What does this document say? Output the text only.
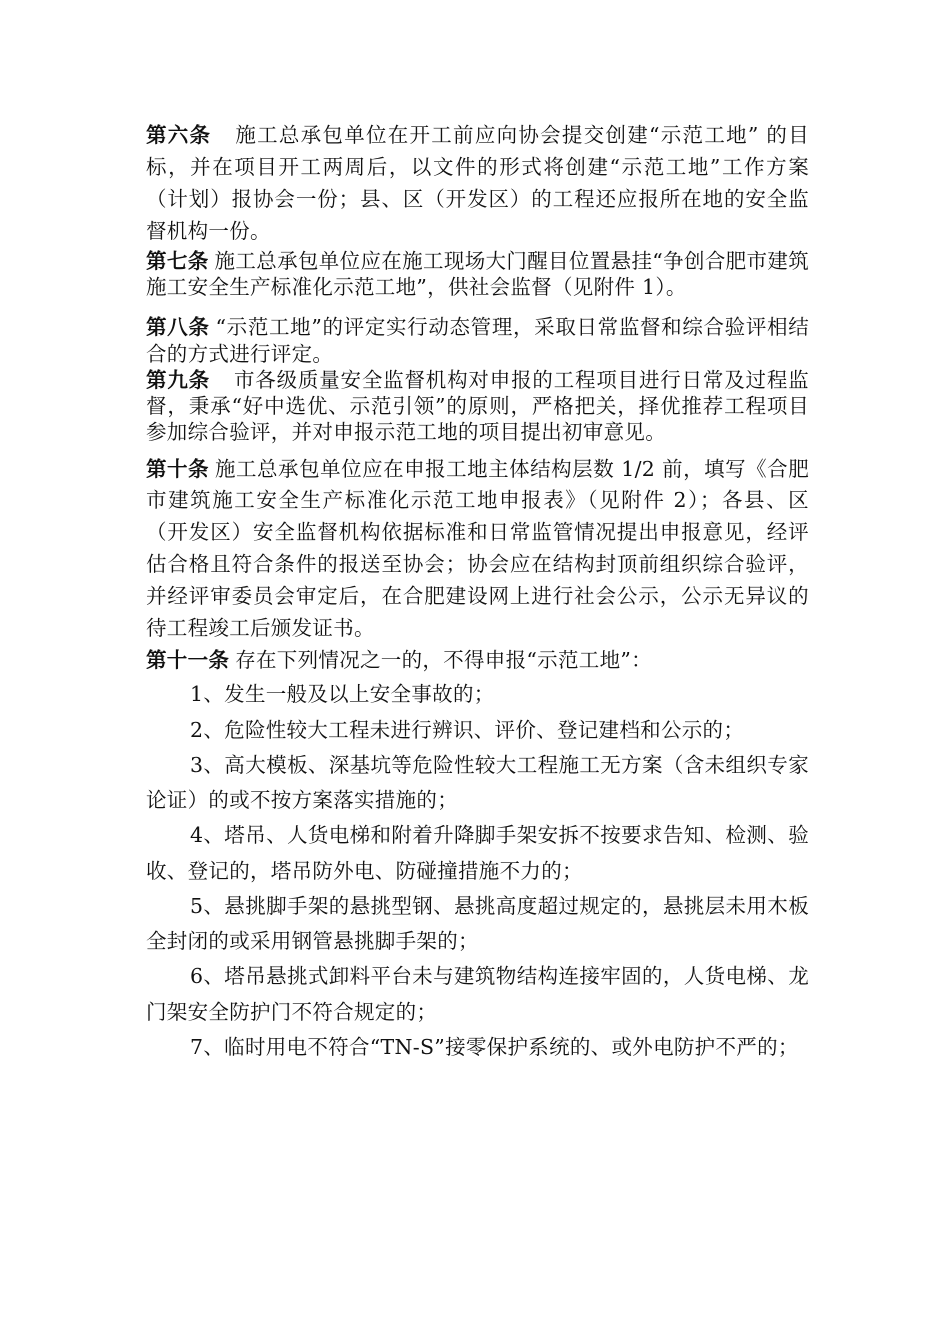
第六条 施工总承包单位在开工前应向协会提交创建“示范工地” 的目标，并在项目开工两周后，以文件的形式将创建“示范工地”工作方案（计划）报协会一份；县、区（开发区）的工程还应报所在地的安全监督机构一份。

第七条 施工总承包单位应在施工现场大门醒目位置悬挂“争创合肥市建筑施工安全生产标准化示范工地”，供社会监督（见附件 1）。

第八条 “示范工地”的评定实行动态管理，采取日常监督和综合验评相结合的方式进行评定。

第九条 市各级质量安全监督机构对申报的工程项目进行日常及过程监督，秉承“好中选优、示范引领”的原则，严格把关，择优推荐工程项目参加综合验评，并对申报示范工地的项目提出初审意见。

第十条 施工总承包单位应在申报工地主体结构层数 1/2 前，填写《合肥市建筑施工安全生产标准化示范工地申报表》（见附件 2）；各县、区（开发区）安全监督机构依据标准和日常监管情况提出申报意见，经评估合格且符合条件的报送至协会；协会应在结构封顶前组织综合验评，并经评审委员会审定后，在合肥建设网上进行社会公示，公示无异议的待工程竣工后颁发证书。

第十一条 存在下列情况之一的，不得申报“示范工地”：

1、发生一般及以上安全事故的；

2、危险性较大工程未进行辨识、评价、登记建档和公示的；

3、高大模板、深基坑等危险性较大工程施工无方案（含未组织专家论证）的或不按方案落实措施的；

4、塔吊、人货电梯和附着升降脚手架安拆不按要求告知、检测、验收、登记的，塔吊防外电、防碰撞措施不力的；

5、悬挑脚手架的悬挑型钢、悬挑高度超过规定的，悬挑层未用木板全封闭的或采用钢管悬挑脚手架的；

6、塔吊悬挑式卸料平台未与建筑物结构连接牢固的，人货电梯、龙门架安全防护门不符合规定的；

7、临时用电不符合“TN-S”接零保护系统的、或外电防护不严的；
